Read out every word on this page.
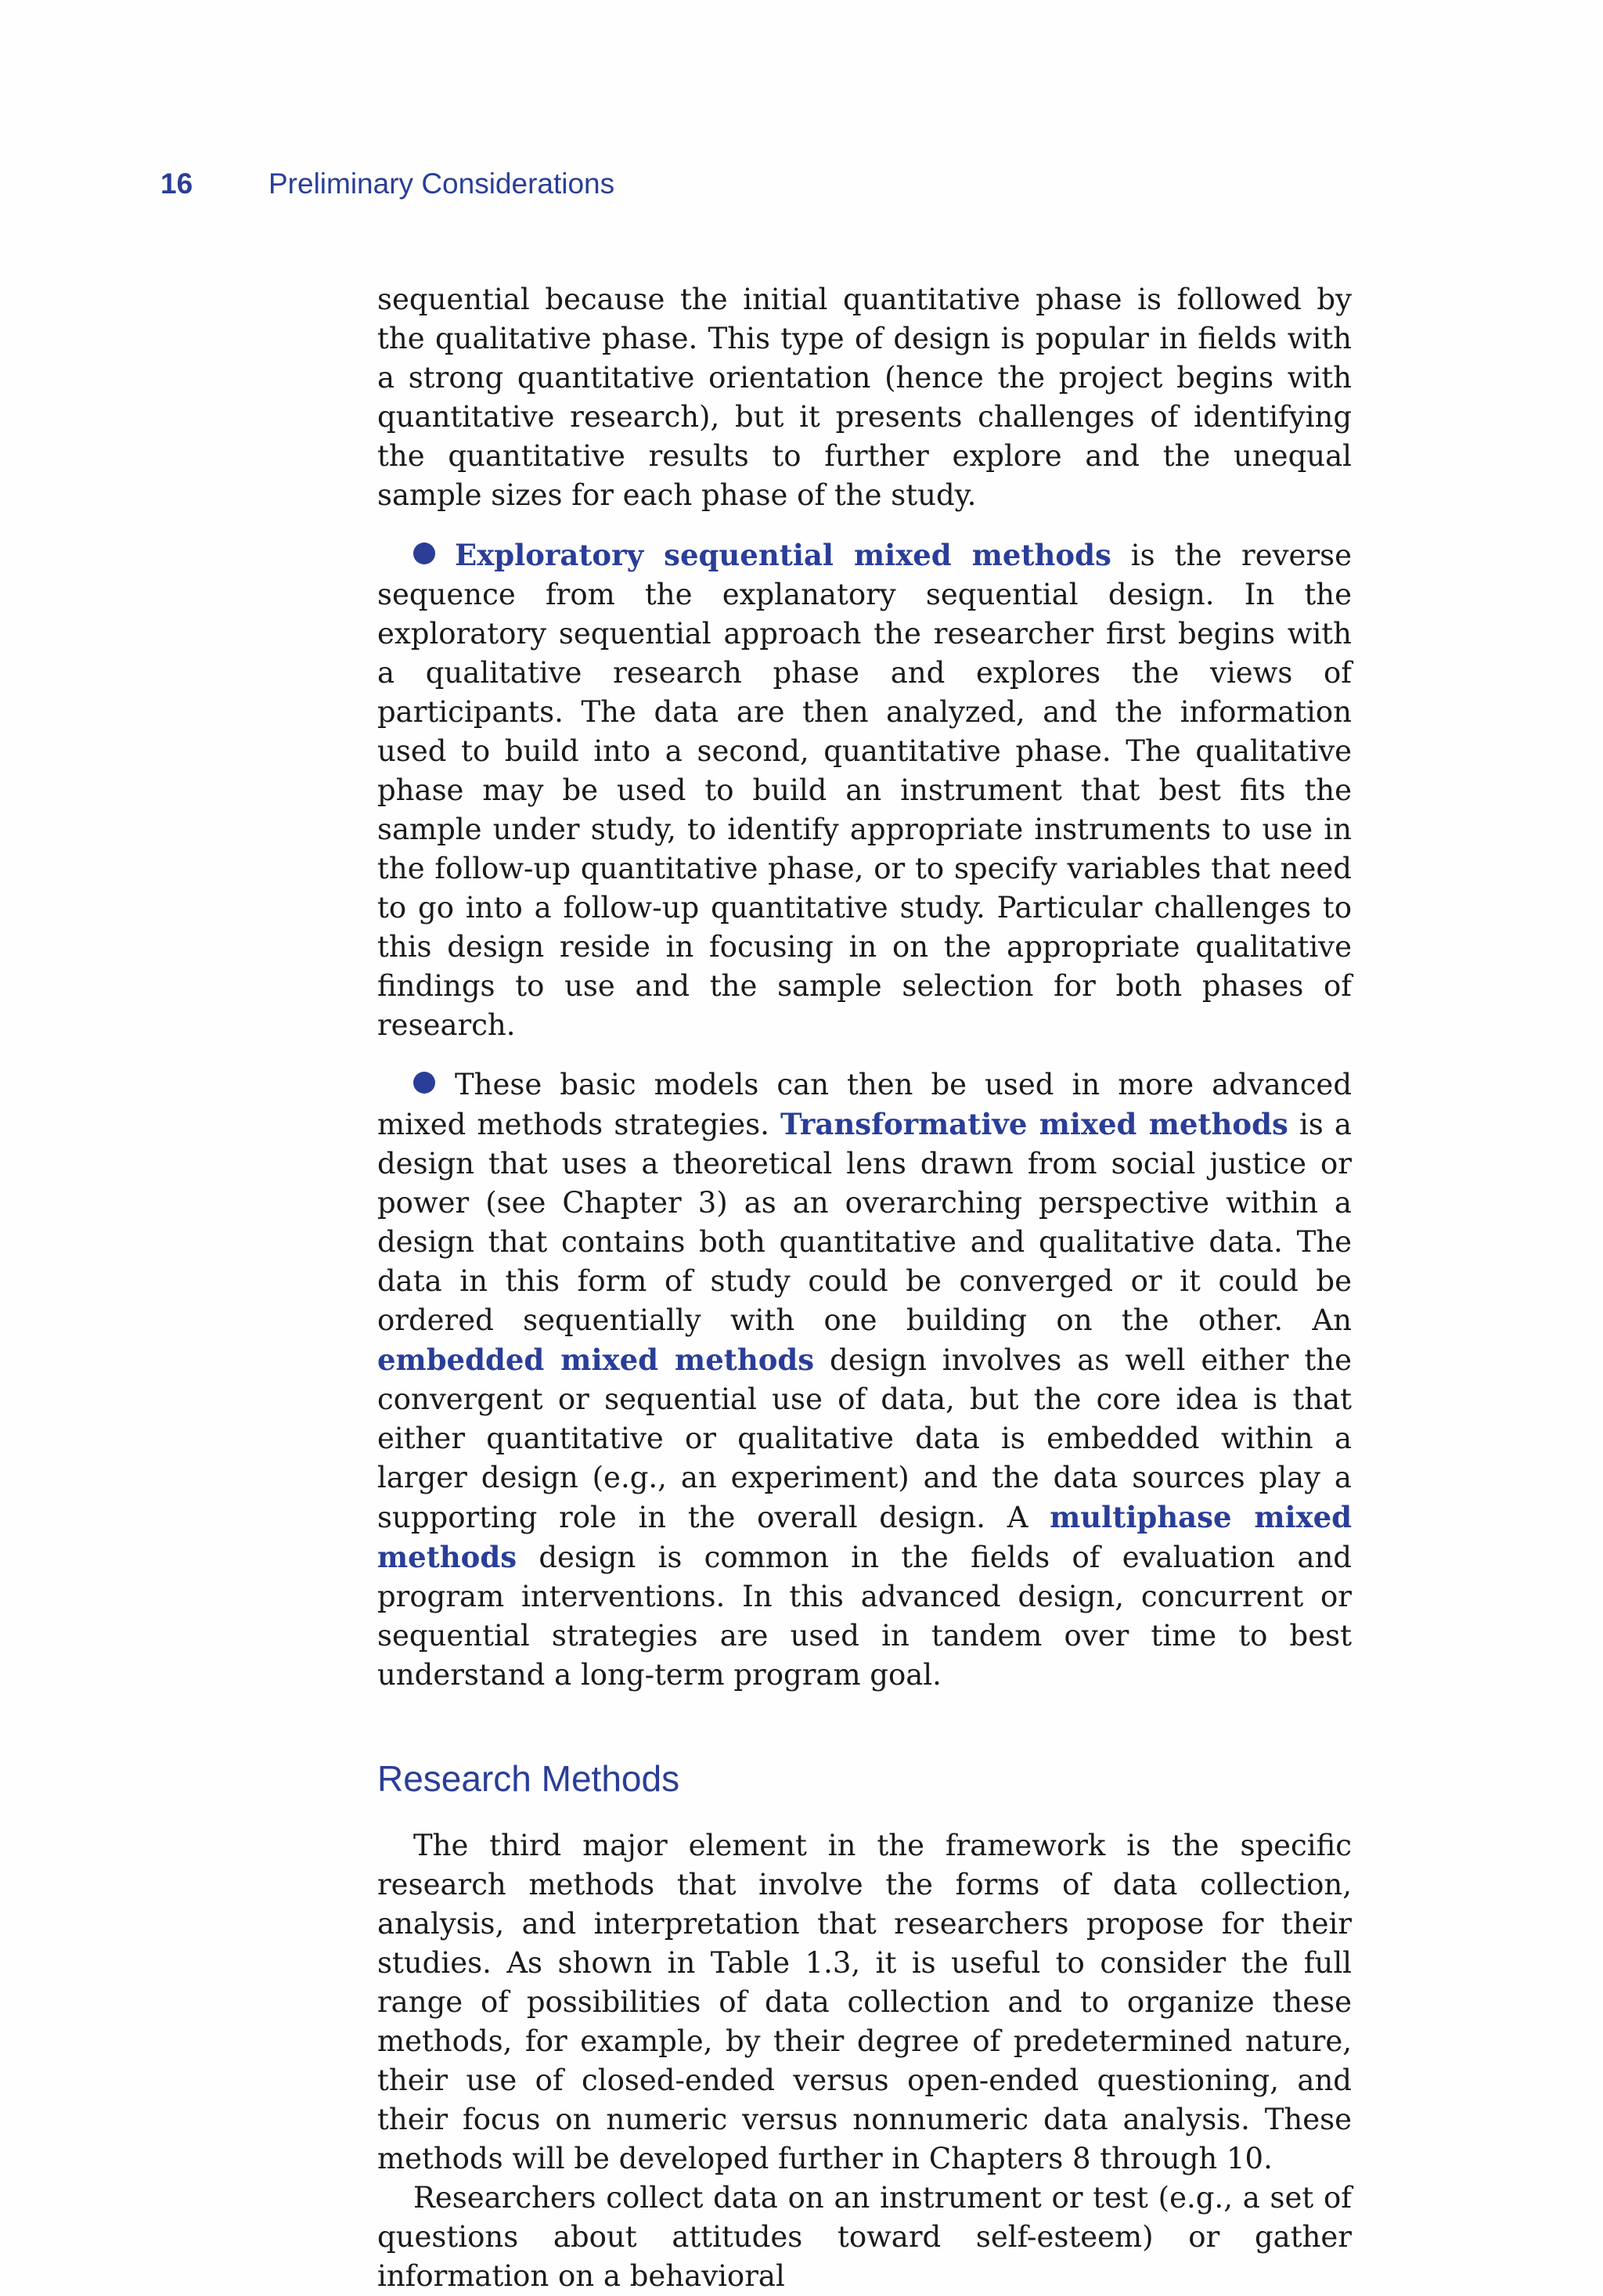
16	Preliminary Considerations

sequential because the initial quantitative phase is followed by the qualitative phase. This type of design is popular in fields with a strong quantitative orientation (hence the project begins with quantitative research), but it presents challenges of identifying the quantitative results to further explore and the unequal sample sizes for each phase of the study.

Exploratory sequential mixed methods is the reverse sequence from the explanatory sequential design. In the exploratory sequential approach the researcher first begins with a qualitative research phase and explores the views of participants. The data are then analyzed, and the information used to build into a second, quantitative phase. The qualitative phase may be used to build an instrument that best fits the sample under study, to identify appropriate instruments to use in the follow-up quantitative phase, or to specify variables that need to go into a follow-up quantitative study. Particular challenges to this design reside in focusing in on the appropriate qualitative findings to use and the sample selection for both phases of research.

These basic models can then be used in more advanced mixed methods strategies. Transformative mixed methods is a design that uses a theoretical lens drawn from social justice or power (see Chapter 3) as an overarching perspective within a design that contains both quantitative and qualitative data. The data in this form of study could be converged or it could be ordered sequentially with one building on the other. An embedded mixed methods design involves as well either the convergent or sequential use of data, but the core idea is that either quantitative or qualitative data is embedded within a larger design (e.g., an experiment) and the data sources play a supporting role in the overall design. A multiphase mixed methods design is common in the fields of evaluation and program interventions. In this advanced design, concurrent or sequential strategies are used in tandem over time to best understand a long-term program goal.

Research Methods

The third major element in the framework is the specific research methods that involve the forms of data collection, analysis, and interpretation that researchers propose for their studies. As shown in Table 1.3, it is useful to consider the full range of possibilities of data collection and to organize these methods, for example, by their degree of predetermined nature, their use of closed-ended versus open-ended questioning, and their focus on numeric versus nonnumeric data analysis. These methods will be developed further in Chapters 8 through 10.

Researchers collect data on an instrument or test (e.g., a set of questions about attitudes toward self-esteem) or gather information on a behavioral
